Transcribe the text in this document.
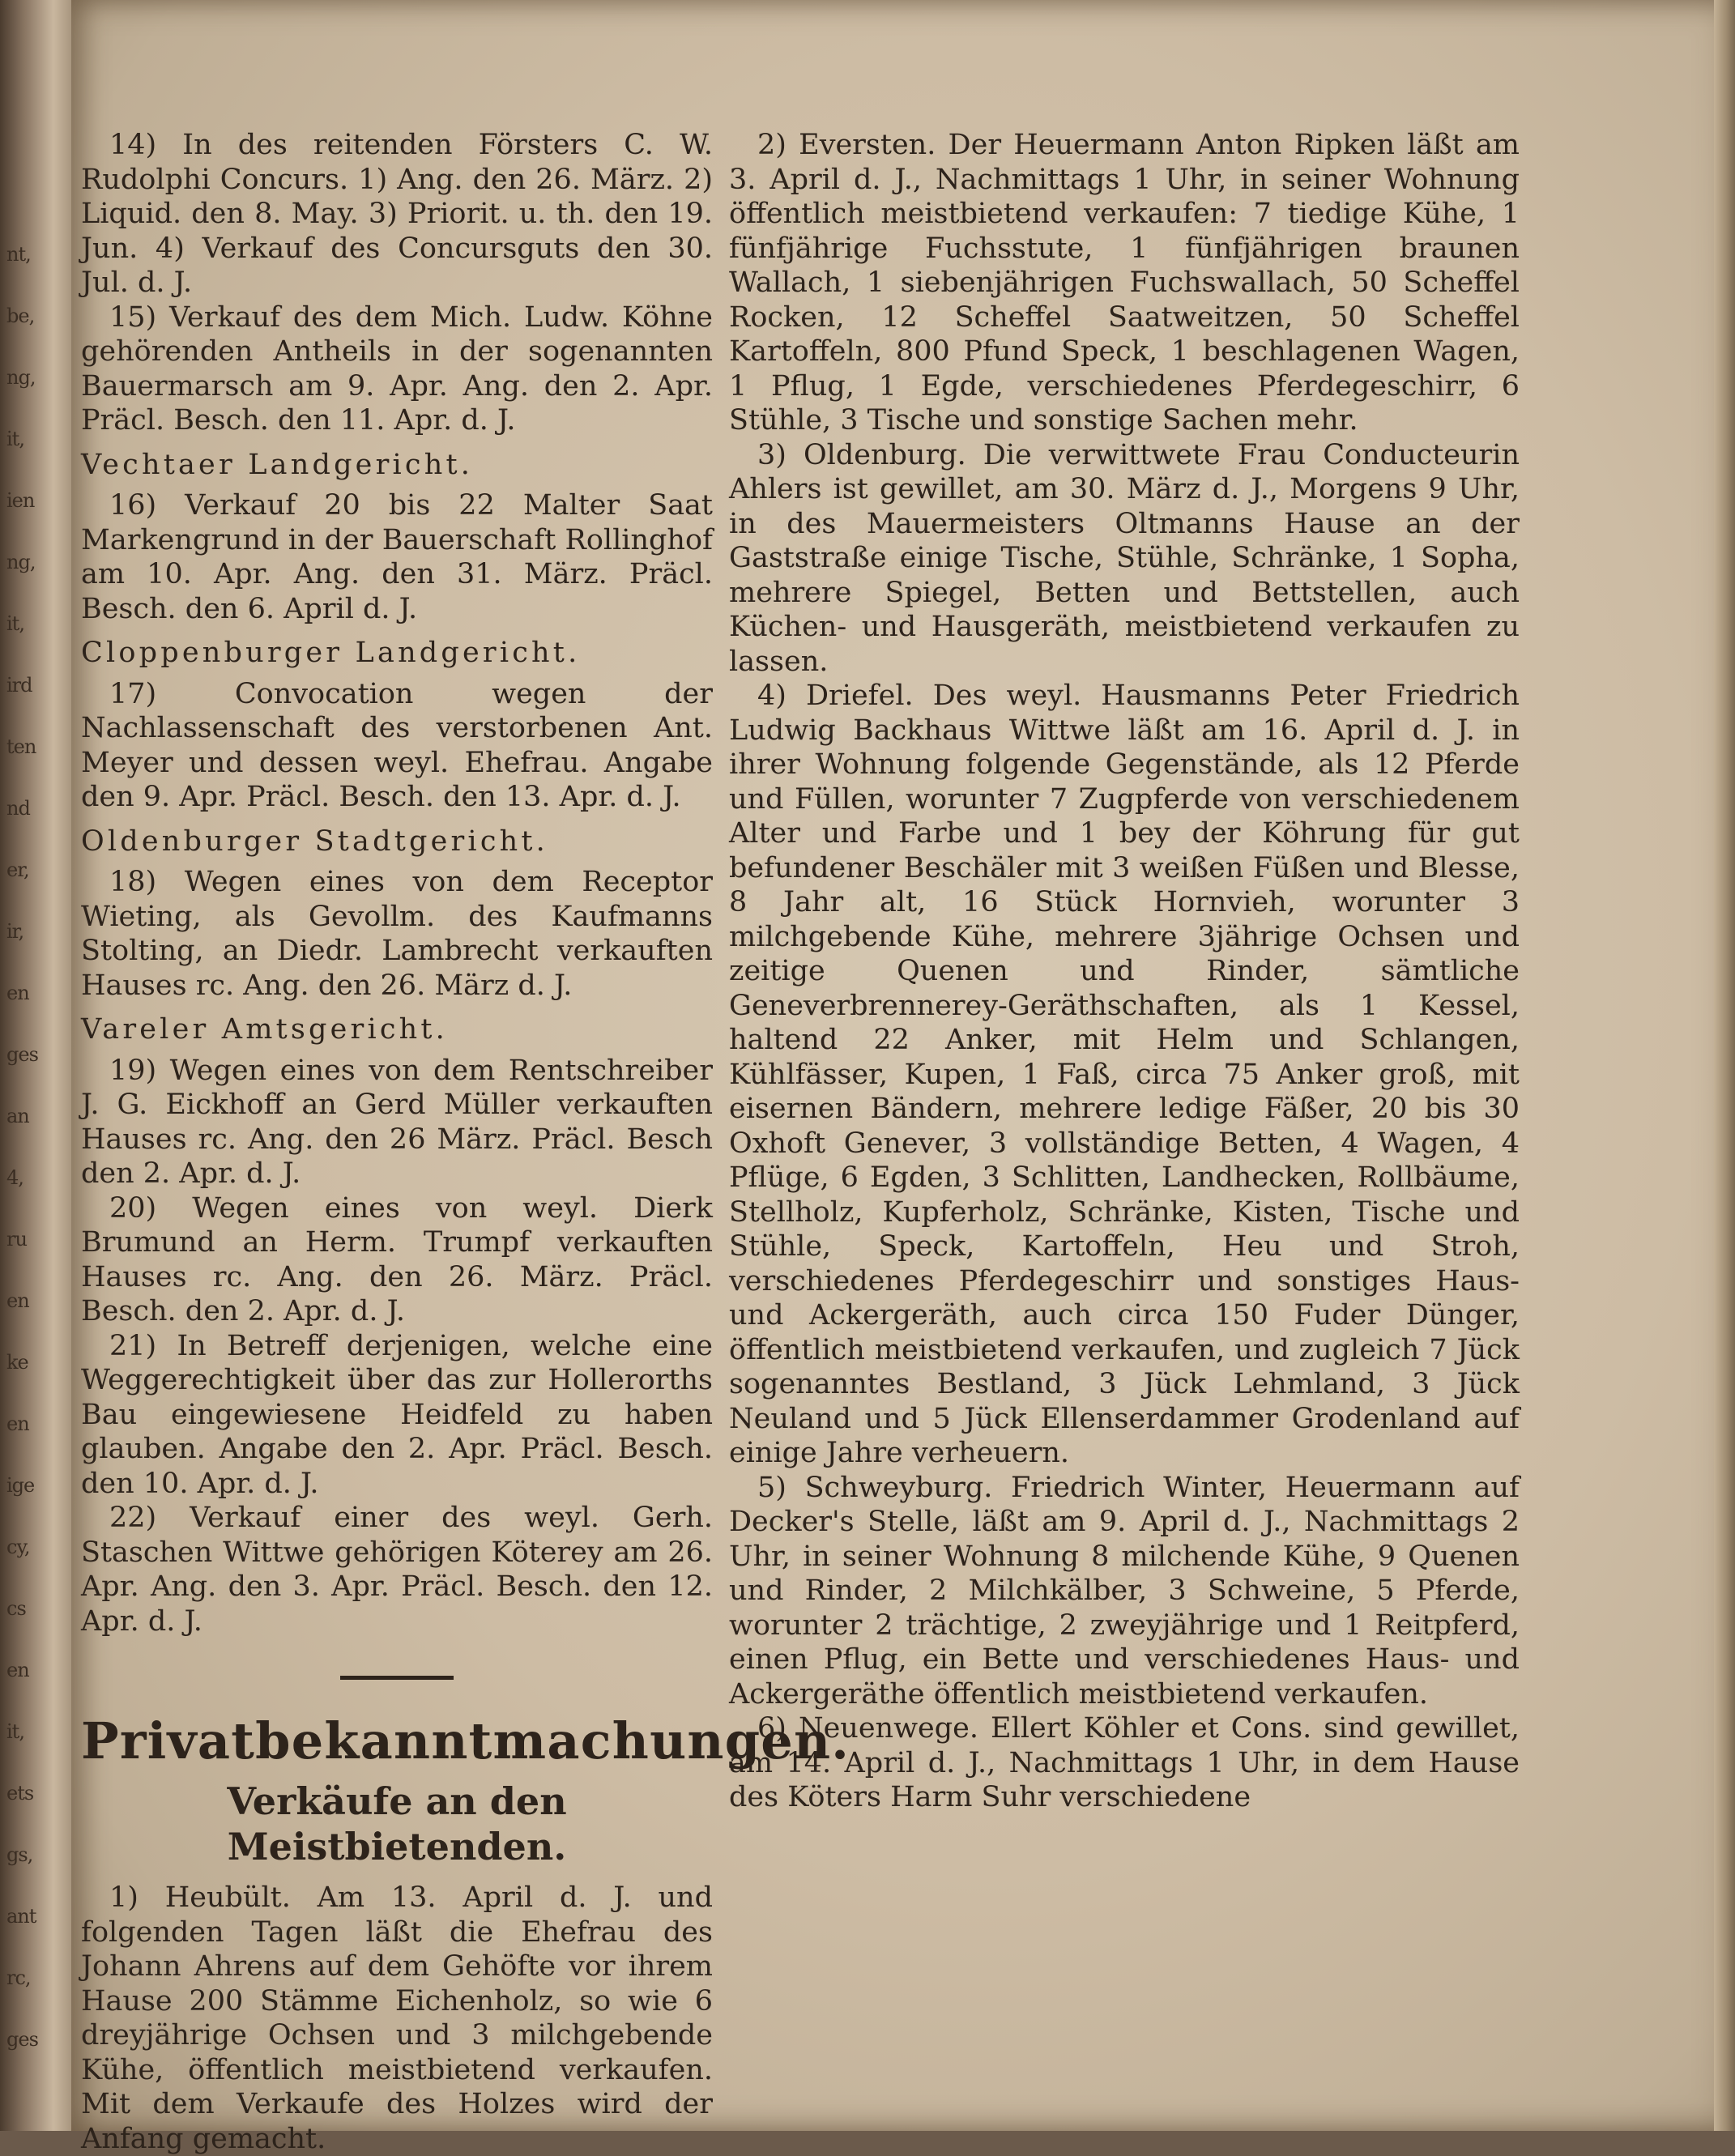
nt,
be,
ng,
it,
ien
ng,
it,
ird
ten
nd
er,
ir,
en
ges
an
4,
ru
en
ke
en
ige
cy,
cs
en
it,
ets
gs,
ant
rc,
ges

14) In des reitenden Försters C. W. Rudolphi Concurs. 1) Ang. den 26. März. 2) Liquid. den 8. May. 3) Priorit. u. th. den 19. Jun. 4) Verkauf des Concursguts den 30. Jul. d. J.

15) Verkauf des dem Mich. Ludw. Köhne gehörenden Antheils in der sogenannten Bauermarsch am 9. Apr. Ang. den 2. Apr. Präcl. Besch. den 11. Apr. d. J.

Vechtaer Landgericht.

16) Verkauf 20 bis 22 Malter Saat Markengrund in der Bauerschaft Rollinghof am 10. Apr. Ang. den 31. März. Präcl. Besch. den 6. April d. J.

Cloppenburger Landgericht.

17) Convocation wegen der Nachlassenschaft des verstorbenen Ant. Meyer und dessen weyl. Ehefrau. Angabe den 9. Apr. Präcl. Besch. den 13. Apr. d. J.

Oldenburger Stadtgericht.

18) Wegen eines von dem Receptor Wieting, als Gevollm. des Kaufmanns Stolting, an Diedr. Lambrecht verkauften Hauses rc. Ang. den 26. März d. J.

Vareler Amtsgericht.

19) Wegen eines von dem Rentschreiber J. G. Eickhoff an Gerd Müller verkauften Hauses rc. Ang. den 26 März. Präcl. Besch den 2. Apr. d. J.

20) Wegen eines von weyl. Dierk Brumund an Herm. Trumpf verkauften Hauses rc. Ang. den 26. März. Präcl. Besch. den 2. Apr. d. J.

21) In Betreff derjenigen, welche eine Weggerechtigkeit über das zur Hollerorths Bau eingewiesene Heidfeld zu haben glauben. Angabe den 2. Apr. Präcl. Besch. den 10. Apr. d. J.

22) Verkauf einer des weyl. Gerh. Staschen Wittwe gehörigen Köterey am 26. Apr. Ang. den 3. Apr. Präcl. Besch. den 12. Apr. d. J.

Privatbekanntmachungen.
Verkäufe an den Meistbietenden.

1) Heubült. Am 13. April d. J. und folgenden Tagen läßt die Ehefrau des Johann Ahrens auf dem Gehöfte vor ihrem Hause 200 Stämme Eichenholz, so wie 6 dreyjährige Ochsen und 3 milchgebende Kühe, öffentlich meistbietend verkaufen. Mit dem Verkaufe des Holzes wird der Anfang gemacht.

2) Eversten. Der Heuermann Anton Ripken läßt am 3. April d. J., Nachmittags 1 Uhr, in seiner Wohnung öffentlich meistbietend verkaufen: 7 tiedige Kühe, 1 fünfjährige Fuchsstute, 1 fünfjährigen braunen Wallach, 1 siebenjährigen Fuchswallach, 50 Scheffel Rocken, 12 Scheffel Saatweitzen, 50 Scheffel Kartoffeln, 800 Pfund Speck, 1 beschlagenen Wagen, 1 Pflug, 1 Egde, verschiedenes Pferdegeschirr, 6 Stühle, 3 Tische und sonstige Sachen mehr.

3) Oldenburg. Die verwittwete Frau Conducteurin Ahlers ist gewillet, am 30. März d. J., Morgens 9 Uhr, in des Mauermeisters Oltmanns Hause an der Gaststraße einige Tische, Stühle, Schränke, 1 Sopha, mehrere Spiegel, Betten und Bettstellen, auch Küchen- und Hausgeräth, meistbietend verkaufen zu lassen.

4) Driefel. Des weyl. Hausmanns Peter Friedrich Ludwig Backhaus Wittwe läßt am 16. April d. J. in ihrer Wohnung folgende Gegenstände, als 12 Pferde und Füllen, worunter 7 Zugpferde von verschiedenem Alter und Farbe und 1 bey der Köhrung für gut befundener Beschäler mit 3 weißen Füßen und Blesse, 8 Jahr alt, 16 Stück Hornvieh, worunter 3 milchgebende Kühe, mehrere 3jährige Ochsen und zeitige Quenen und Rinder, sämtliche Geneverbrennerey-Geräthschaften, als 1 Kessel, haltend 22 Anker, mit Helm und Schlangen, Kühlfässer, Kupen, 1 Faß, circa 75 Anker groß, mit eisernen Bändern, mehrere ledige Fäßer, 20 bis 30 Oxhoft Genever, 3 vollständige Betten, 4 Wagen, 4 Pflüge, 6 Egden, 3 Schlitten, Landhecken, Rollbäume, Stellholz, Kupferholz, Schränke, Kisten, Tische und Stühle, Speck, Kartoffeln, Heu und Stroh, verschiedenes Pferdegeschirr und sonstiges Haus- und Ackergeräth, auch circa 150 Fuder Dünger, öffentlich meistbietend verkaufen, und zugleich 7 Jück sogenanntes Bestland, 3 Jück Lehmland, 3 Jück Neuland und 5 Jück Ellenserdammer Grodenland auf einige Jahre verheuern.

5) Schweyburg. Friedrich Winter, Heuermann auf Decker's Stelle, läßt am 9. April d. J., Nachmittags 2 Uhr, in seiner Wohnung 8 milchende Kühe, 9 Quenen und Rinder, 2 Milchkälber, 3 Schweine, 5 Pferde, worunter 2 trächtige, 2 zweyjährige und 1 Reitpferd, einen Pflug, ein Bette und verschiedenes Haus- und Ackergeräthe öffentlich meistbietend verkaufen.

6) Neuenwege. Ellert Köhler et Cons. sind gewillet, am 14. April d. J., Nachmittags 1 Uhr, in dem Hause des Köters Harm Suhr verschiedene
